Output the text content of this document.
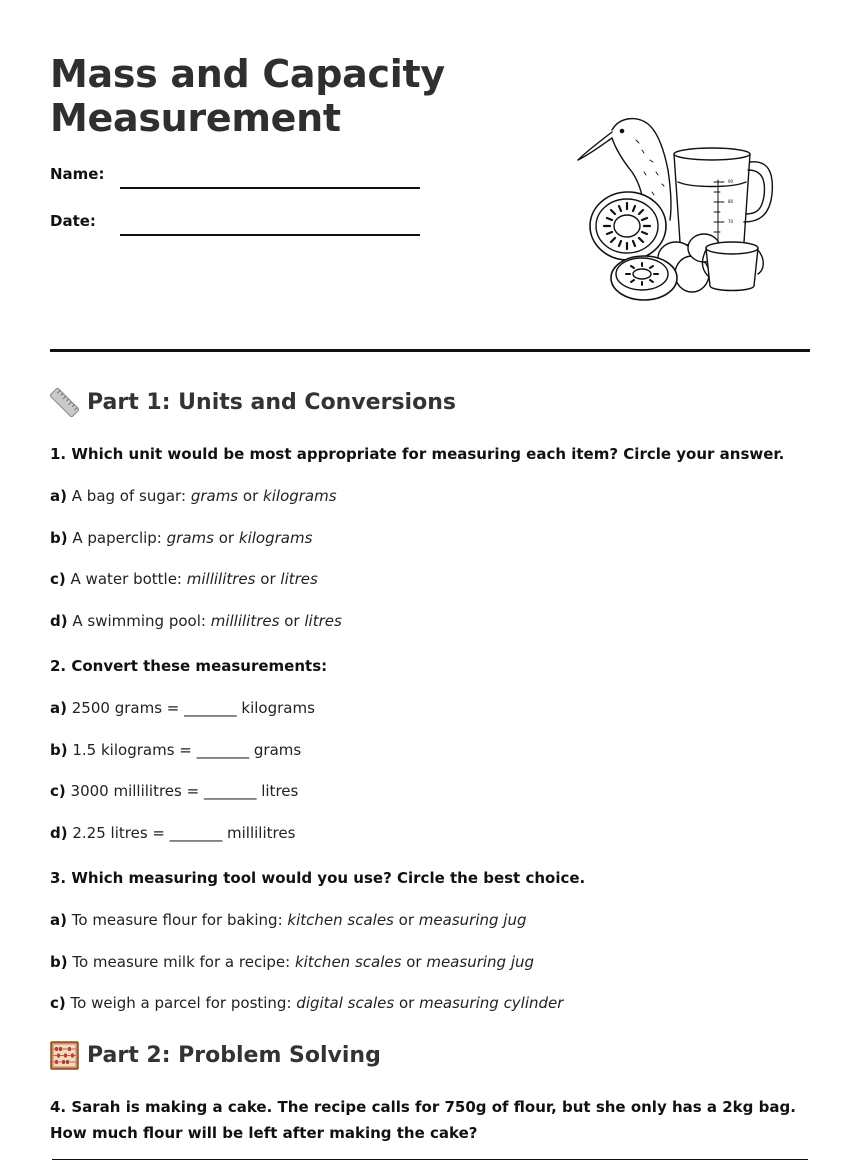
Mass and Capacity
Measurement
Name:
Date:
90
80
70
Part 1: Units and Conversions

1. Which unit would be most appropriate for measuring each item? Circle your answer.

a) A bag of sugar: grams or kilograms

b) A paperclip: grams or kilograms

c) A water bottle: millilitres or litres

d) A swimming pool: millilitres or litres

2. Convert these measurements:

a) 2500 grams = _______ kilograms

b) 1.5 kilograms = _______ grams

c) 3000 millilitres = _______ litres

d) 2.25 litres = _______ millilitres

3. Which measuring tool would you use? Circle the best choice.

a) To measure flour for baking: kitchen scales or measuring jug

b) To measure milk for a recipe: kitchen scales or measuring jug

c) To weigh a parcel for posting: digital scales or measuring cylinder

Part 2: Problem Solving

4. Sarah is making a cake. The recipe calls for 750g of flour, but she only has a 2kg bag. How much flour will be left after making the cake?
